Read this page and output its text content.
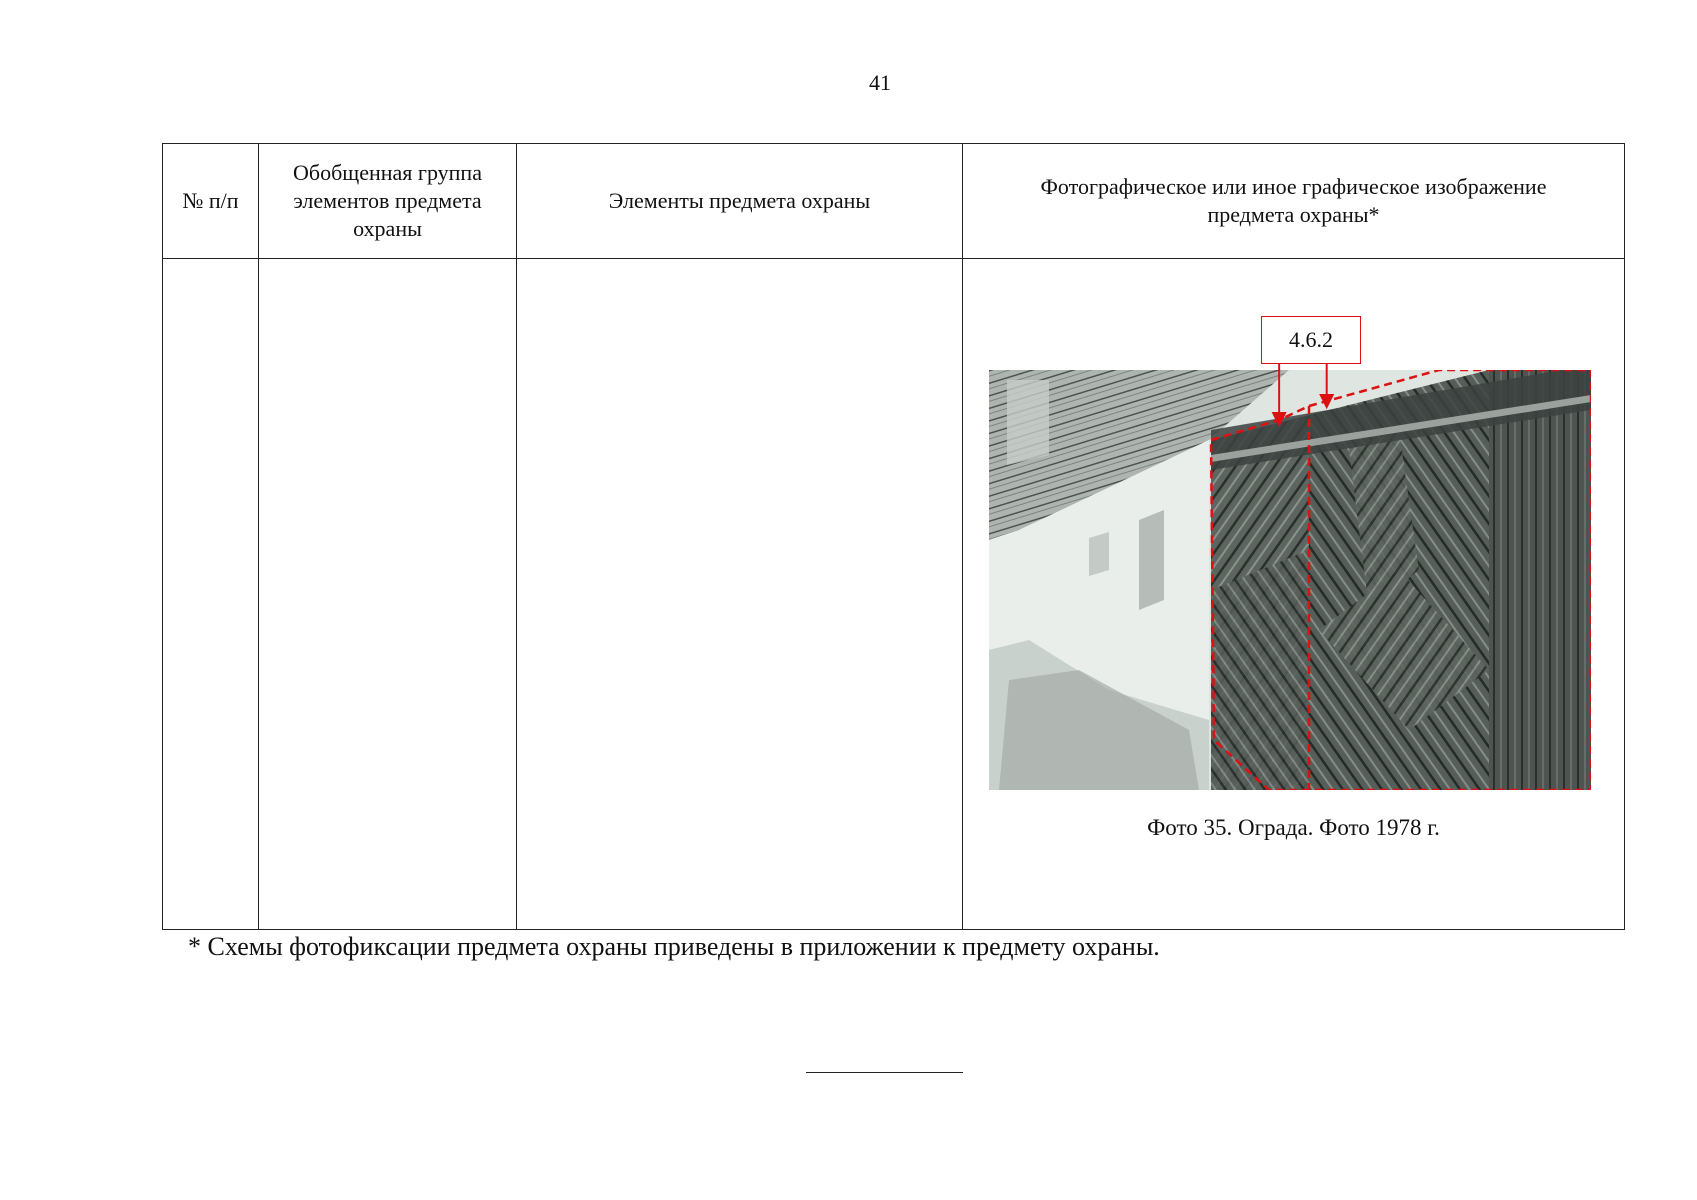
41
№ п/п	Обобщенная группа элементов предмета охраны	Элементы предмета охраны	Фотографическое или иное графическое изображение предмета охраны*

			4.6.2
Фото 35. Ограда. Фото 1978 г.
* Схемы фотофиксации предмета охраны приведены в приложении к предмету охраны.
